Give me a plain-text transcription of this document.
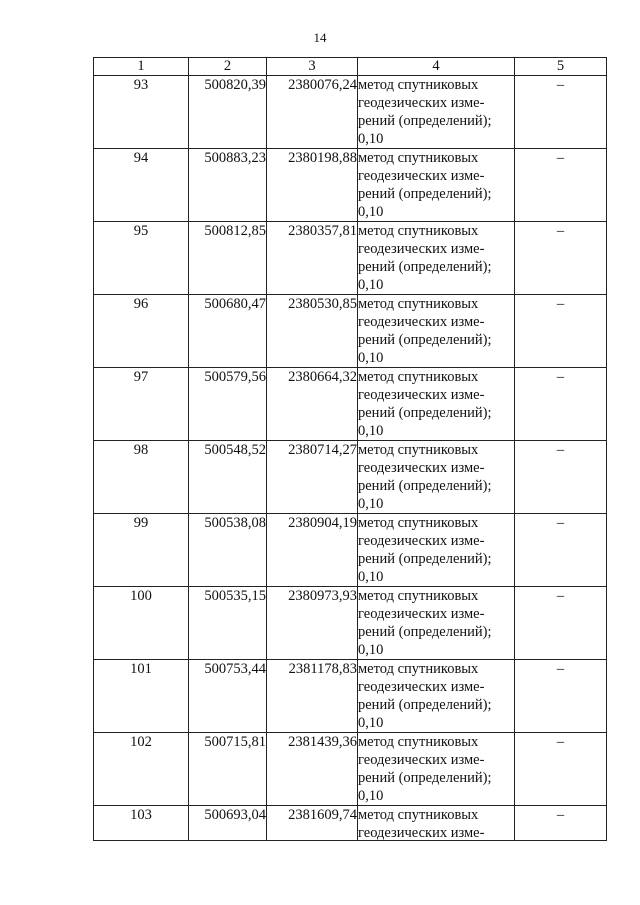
14
1	2	3	4	5
93	500820,39	2380076,24	метод спутниковых
геодезических изме-
рений (определений);
0,10	–
94	500883,23	2380198,88	метод спутниковых
геодезических изме-
рений (определений);
0,10	–
95	500812,85	2380357,81	метод спутниковых
геодезических изме-
рений (определений);
0,10	–
96	500680,47	2380530,85	метод спутниковых
геодезических изме-
рений (определений);
0,10	–
97	500579,56	2380664,32	метод спутниковых
геодезических изме-
рений (определений);
0,10	–
98	500548,52	2380714,27	метод спутниковых
геодезических изме-
рений (определений);
0,10	–
99	500538,08	2380904,19	метод спутниковых
геодезических изме-
рений (определений);
0,10	–
100	500535,15	2380973,93	метод спутниковых
геодезических изме-
рений (определений);
0,10	–
101	500753,44	2381178,83	метод спутниковых
геодезических изме-
рений (определений);
0,10	–
102	500715,81	2381439,36	метод спутниковых
геодезических изме-
рений (определений);
0,10	–
103	500693,04	2381609,74	метод спутниковых
геодезических изме-	–
